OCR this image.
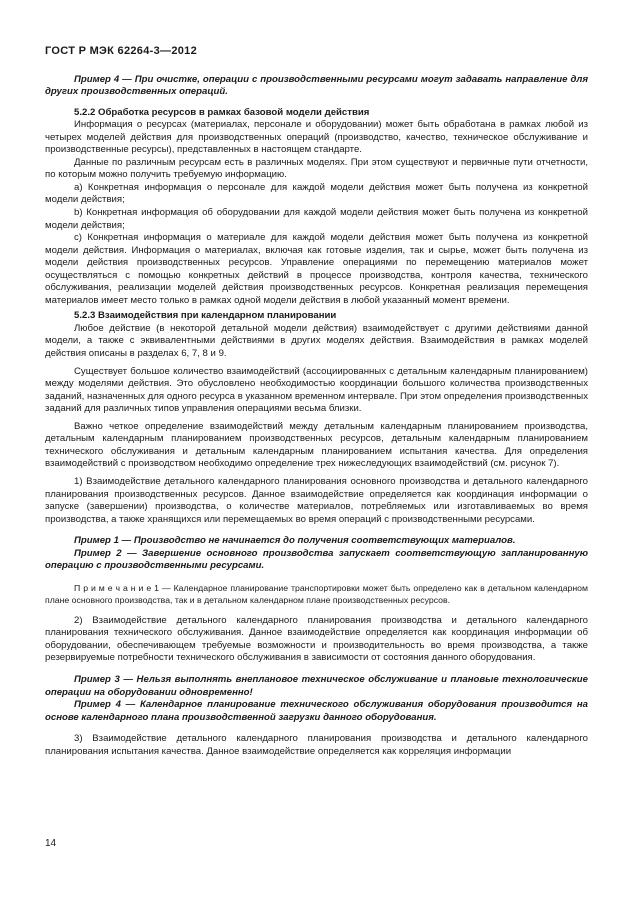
ГОСТ Р МЭК 62264-3—2012

Пример 4 — При очистке, операции с производственными ресурсами могут задавать направление для других производственных операций.

5.2.2 Обработка ресурсов в рамках базовой модели действия

Информация о ресурсах (материалах, персонале и оборудовании) может быть обработана в рамках любой из четырех моделей действия для производственных операций (производство, качество, техническое обслуживание и производственные ресурсы), представленных в настоящем стандарте.

Данные по различным ресурсам есть в различных моделях. При этом существуют и первичные пути отчетности, по которым можно получить требуемую информацию.

a) Конкретная информация о персонале для каждой модели действия может быть получена из конкретной модели действия;

b) Конкретная информация об оборудовании для каждой модели действия может быть получена из конкретной модели действия;

c) Конкретная информация о материале для каждой модели действия может быть получена из конкретной модели действия. Информация о материалах, включая как готовые изделия, так и сырье, может быть получена из модели действия производственных ресурсов. Управление операциями по перемещению материалов может осуществляться с помощью конкретных действий в процессе производства, контроля качества, технического обслуживания, реализации моделей действия производственных ресурсов. Конкретная реализация перемещения материалов имеет место только в рамках одной модели действия в любой указанный момент времени.

5.2.3 Взаимодействия при календарном планировании

Любое действие (в некоторой детальной модели действия) взаимодействует с другими действиями данной модели, а также с эквивалентными действиями в других моделях действия. Взаимодействия в рамках моделей действия описаны в разделах 6, 7, 8 и 9.

Существует большое количество взаимодействий (ассоциированных с детальным календарным планированием) между моделями действия. Это обусловлено необходимостью координации большого количества производственных заданий, назначенных для одного ресурса в указанном временном интервале. При этом определения производственных заданий для различных типов управления операциями весьма близки.

Важно четкое определение взаимодействий между детальным календарным планированием производства, детальным календарным планированием производственных ресурсов, детальным календарным планированием технического обслуживания и детальным календарным планированием испытания качества. Для определения взаимодействий с производством необходимо определение трех нижеследующих взаимодействий (см. рисунок 7).

1) Взаимодействие детального календарного планирования основного производства и детального календарного планирования производственных ресурсов. Данное взаимодействие определяется как координация информации о запуске (завершении) производства, о количестве материалов, потребляемых или изготавливаемых во время производства, а также хранящихся или перемещаемых во время операций с производственными ресурсами.

Пример 1 — Производство не начинается до получения соответствующих материалов.

Пример 2 — Завершение основного производства запускает соответствующую запланированную операцию с производственными ресурсами.

П р и м е ч а н и е 1 — Календарное планирование транспортировки может быть определено как в детальном календарном плане основного производства, так и в детальном календарном плане производственных ресурсов.

2) Взаимодействие детального календарного планирования производства и детального календарного планирования технического обслуживания. Данное взаимодействие определяется как координация информации об оборудовании, обеспечивающем требуемые возможности и производительность во время производства, а также резервируемые потребности технического обслуживания в зависимости от состояния данного оборудования.

Пример 3 — Нельзя выполнять внеплановое техническое обслуживание и плановые технологические операции на оборудовании одновременно!

Пример 4 — Календарное планирование технического обслуживания оборудования производится на основе календарного плана производственной загрузки данного оборудования.

3) Взаимодействие детального календарного планирования производства и детального календарного планирования испытания качества. Данное взаимодействие определяется как корреляция информации

14
